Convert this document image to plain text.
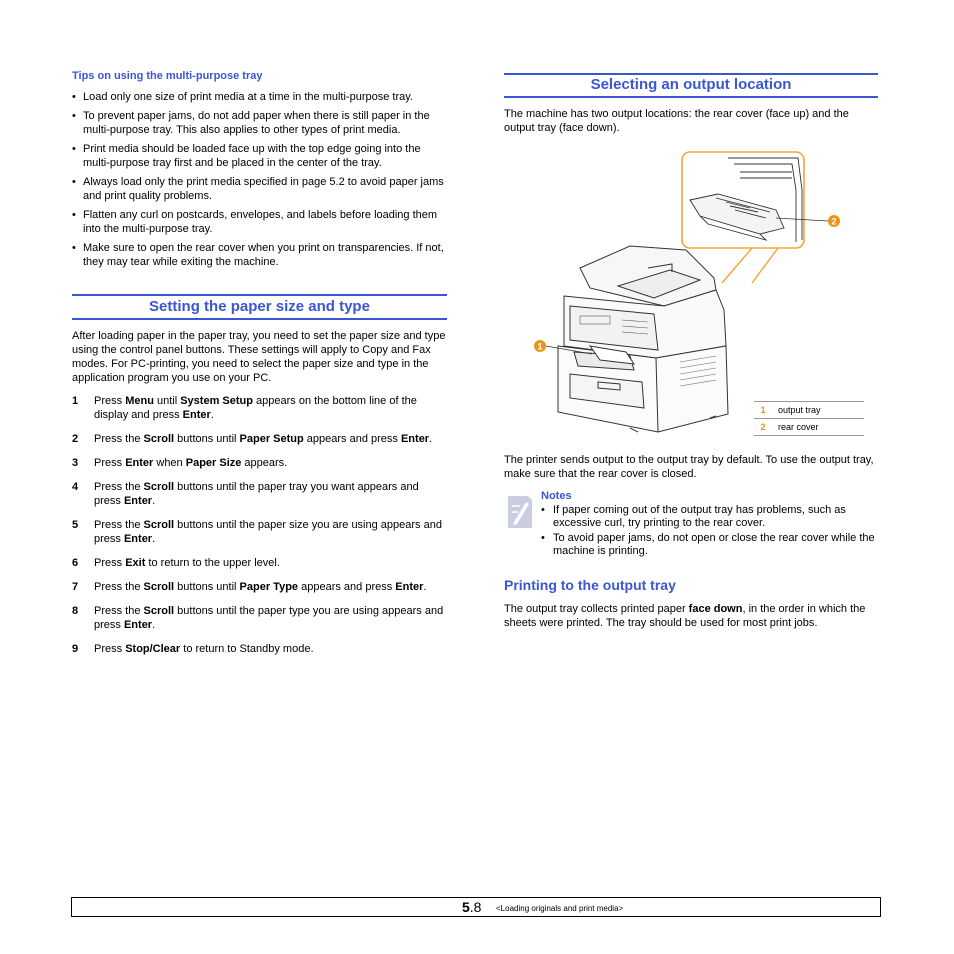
Tips on using the multi-purpose tray
• Load only one size of print media at a time in the multi-purpose tray.
• To prevent paper jams, do not add paper when there is still paper in the multi-purpose tray. This also applies to other types of print media.
• Print media should be loaded face up with the top edge going into the multi-purpose tray first and be placed in the center of the tray.
• Always load only the print media specified in page 5.2 to avoid paper jams and print quality problems.
• Flatten any curl on postcards, envelopes, and labels before loading them into the multi-purpose tray.
• Make sure to open the rear cover when you print on transparencies. If not, they may tear while exiting the machine.
Setting the paper size and type
After loading paper in the paper tray, you need to set the paper size and type using the control panel buttons. These settings will apply to Copy and Fax modes. For PC-printing, you need to select the paper size and type in the application program you use on your PC.
1 Press Menu until System Setup appears on the bottom line of the display and press Enter.
2 Press the Scroll buttons until Paper Setup appears and press Enter.
3 Press Enter when Paper Size appears.
4 Press the Scroll buttons until the paper tray you want appears and press Enter.
5 Press the Scroll buttons until the paper size you are using appears and press Enter.
6 Press Exit to return to the upper level.
7 Press the Scroll buttons until Paper Type appears and press Enter.
8 Press the Scroll buttons until the paper type you are using appears and press Enter.
9 Press Stop/Clear to return to Standby mode.
Selecting an output location
The machine has two output locations: the rear cover (face up) and the output tray (face down).
1
2
1	output tray
2	rear cover
The printer sends output to the output tray by default. To use the output tray, make sure that the rear cover is closed.
Notes
• If paper coming out of the output tray has problems, such as excessive curl, try printing to the rear cover.
• To avoid paper jams, do not open or close the rear cover while the machine is printing.
Printing to the output tray
The output tray collects printed paper face down, in the order in which the sheets were printed. The tray should be used for most print jobs.
5.8 <Loading originals and print media>
